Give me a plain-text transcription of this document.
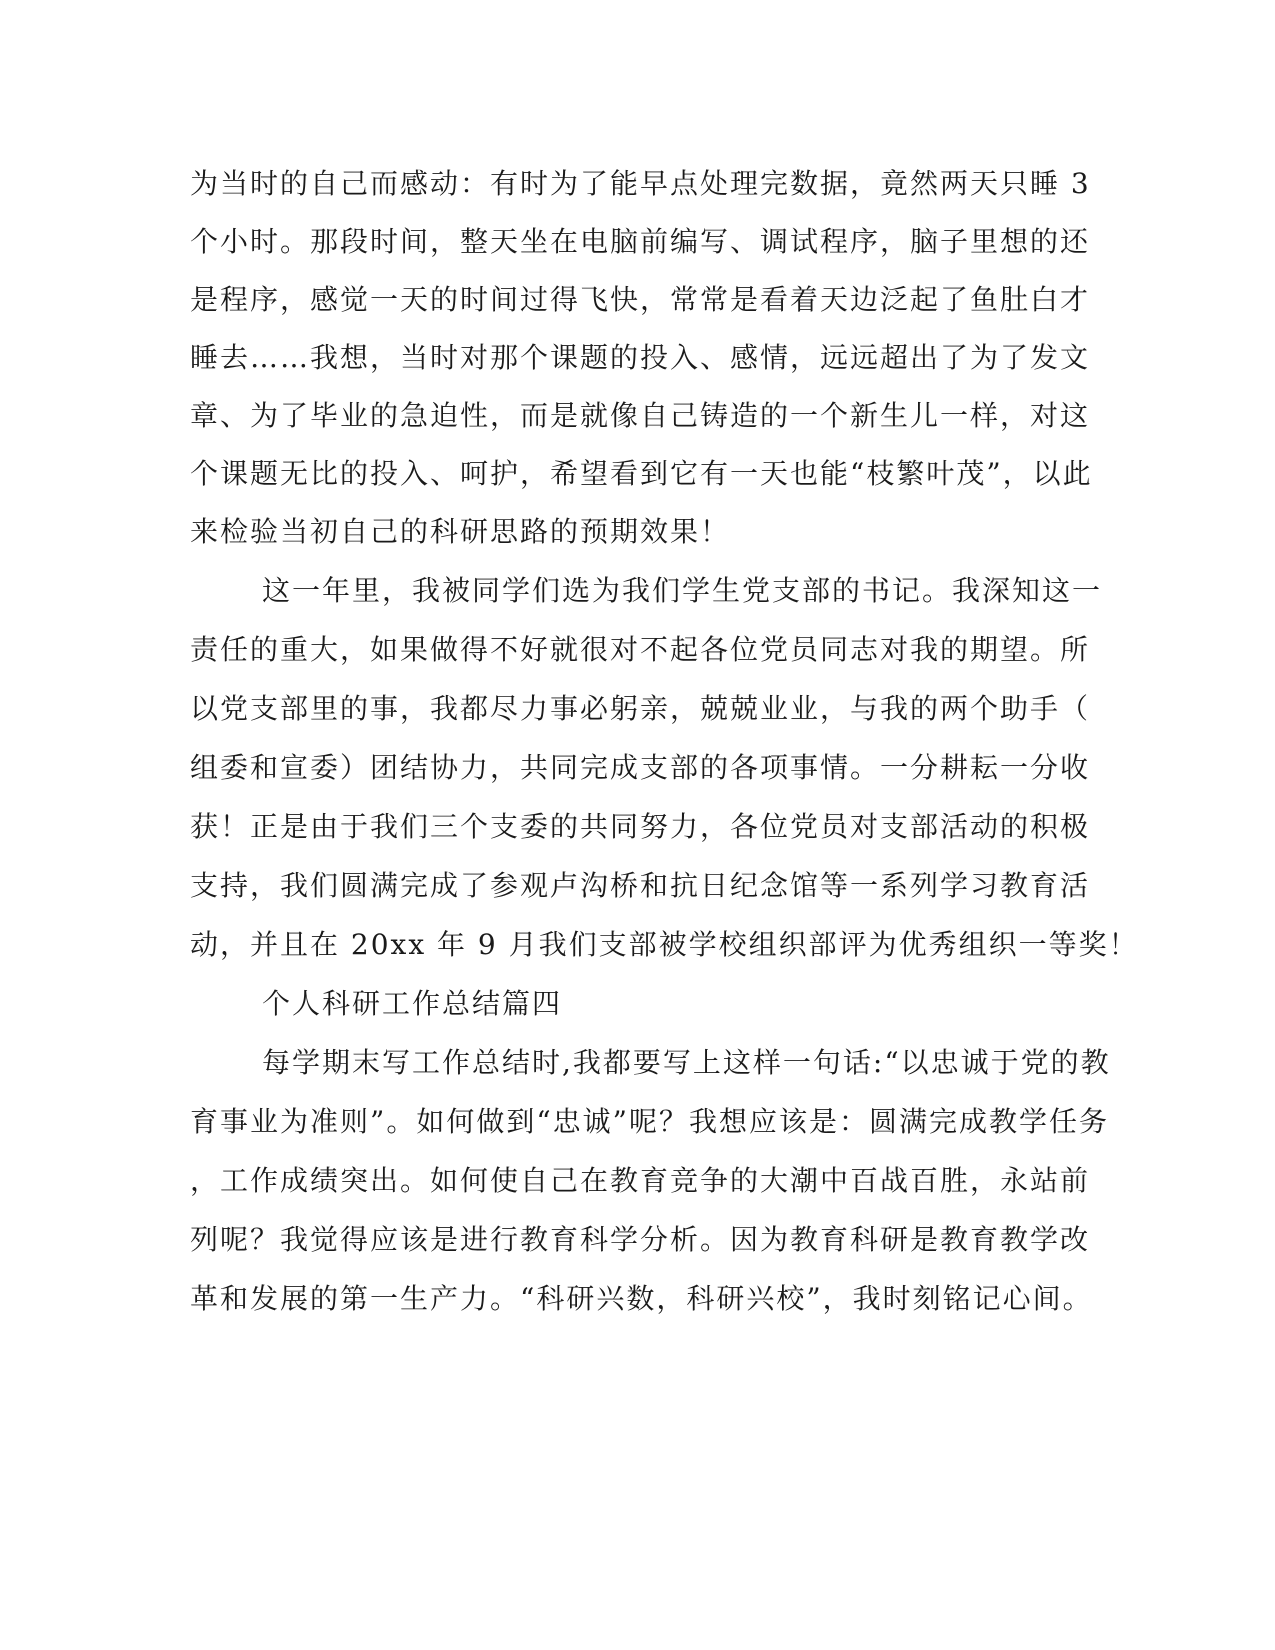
为当时的自己而感动：有时为了能早点处理完数据，竟然两天只睡 3
个小时。那段时间，整天坐在电脑前编写、调试程序，脑子里想的还
是程序，感觉一天的时间过得飞快，常常是看着天边泛起了鱼肚白才
睡去……我想，当时对那个课题的投入、感情，远远超出了为了发文
章、为了毕业的急迫性，而是就像自己铸造的一个新生儿一样，对这
个课题无比的投入、呵护，希望看到它有一天也能“枝繁叶茂”，以此
来检验当初自己的科研思路的预期效果！
这一年里，我被同学们选为我们学生党支部的书记。我深知这一
责任的重大，如果做得不好就很对不起各位党员同志对我的期望。所
以党支部里的事，我都尽力事必躬亲，兢兢业业，与我的两个助手（
组委和宣委）团结协力，共同完成支部的各项事情。一分耕耘一分收
获！正是由于我们三个支委的共同努力，各位党员对支部活动的积极
支持，我们圆满完成了参观卢沟桥和抗日纪念馆等一系列学习教育活
动，并且在 20xx 年 9 月我们支部被学校组织部评为优秀组织一等奖！
个人科研工作总结篇四
每学期末写工作总结时,我都要写上这样一句话:“以忠诚于党的教
育事业为准则”。如何做到“忠诚”呢？我想应该是：圆满完成教学任务
，工作成绩突出。如何使自己在教育竞争的大潮中百战百胜，永站前
列呢？我觉得应该是进行教育科学分析。因为教育科研是教育教学改
革和发展的第一生产力。“科研兴数，科研兴校”，我时刻铭记心间。
